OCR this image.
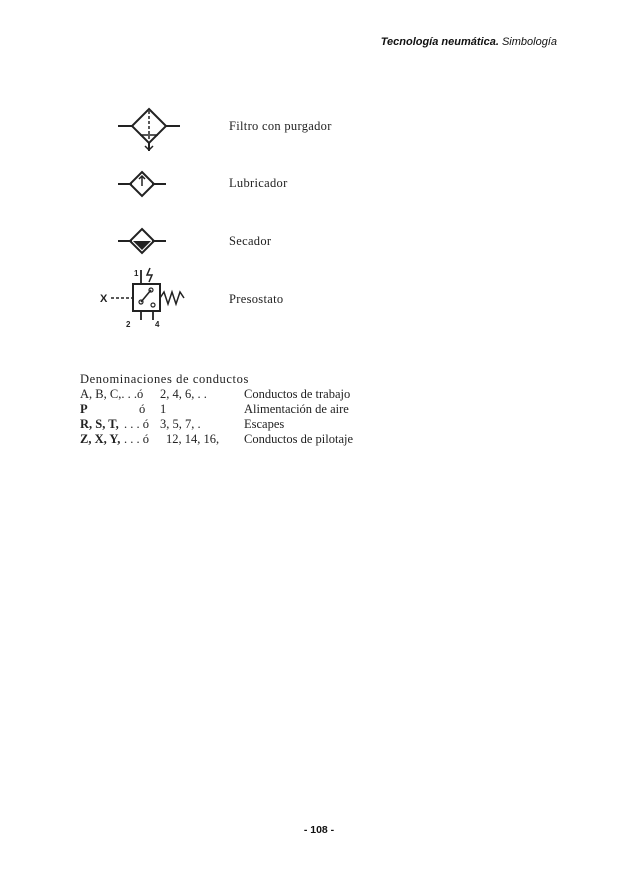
Tecnología neumática. Simbología
Filtro con purgador
Lubricador
Secador
X
1
2	4
Presostato
Denominaciones de conductos
A, B, C,. . .ó 2, 4, 6, . .	Conductos de trabajo
P	ó 1	Alimentación de aire
R, S, T, . . . ó 3, 5, 7, .	Escapes
Z, X, Y, . . . ó 12, 14, 16, Conductos de pilotaje
- 108 -
